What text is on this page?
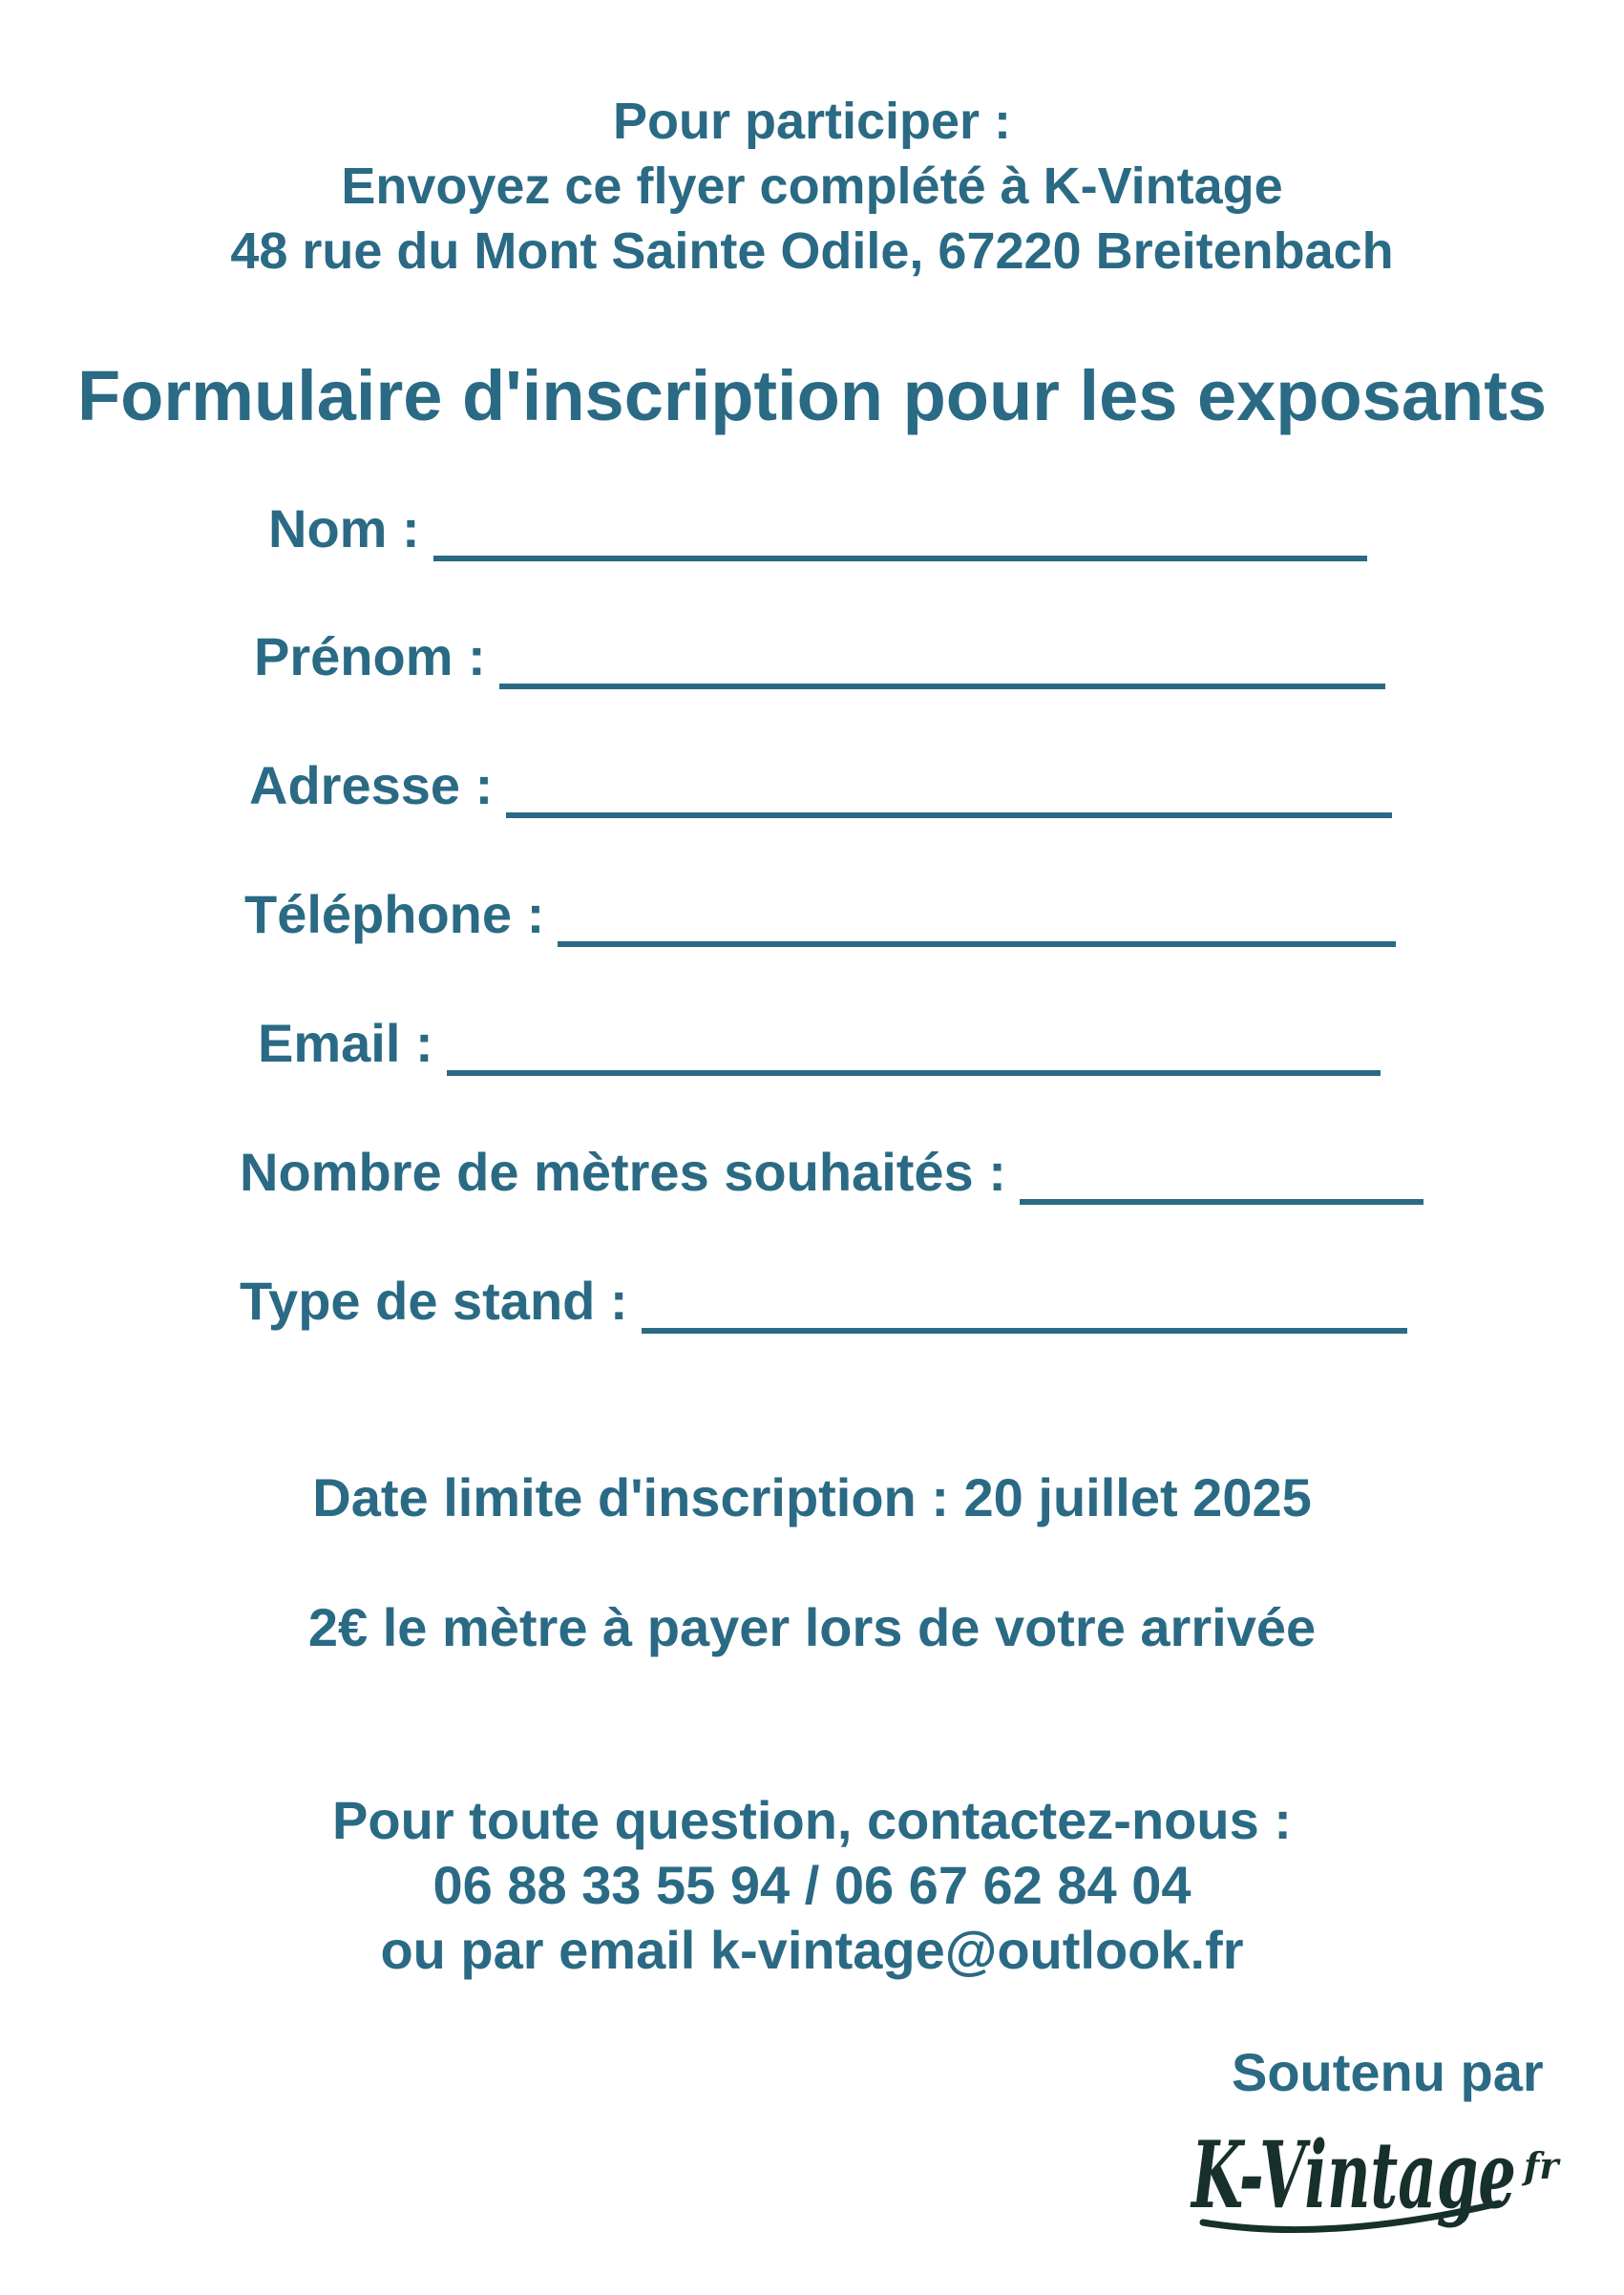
Pour participer :
Envoyez ce flyer complété à K-Vintage
48 rue du Mont Sainte Odile, 67220 Breitenbach
Formulaire d'inscription pour les exposants
Nom :
Prénom :
Adresse :
Téléphone :
Email :
Nombre de mètres souhaités :
Type de stand :
Date limite d'inscription : 20 juillet 2025
2€ le mètre à payer lors de votre arrivée
Pour toute question, contactez-nous :
06 88 33 55 94 / 06 67 62 84 04
ou par email k-vintage@outlook.fr
Soutenu par
K-Vintage fr
